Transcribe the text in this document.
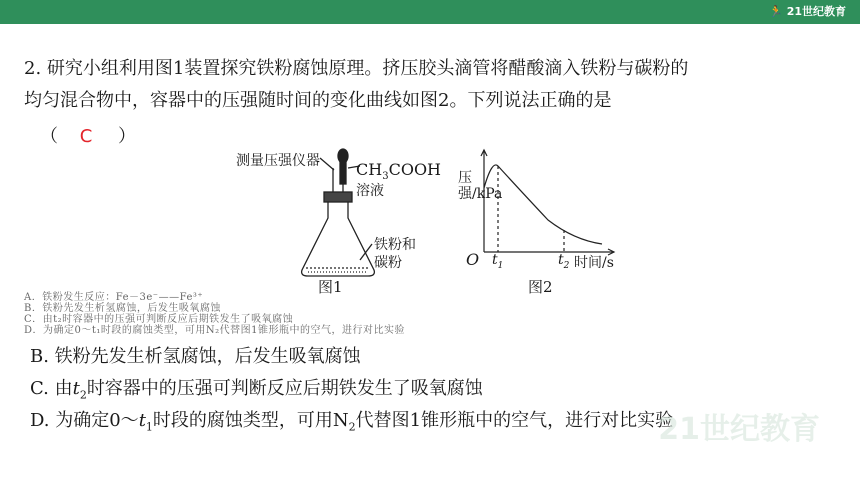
🏃 21世纪教育
2. 研究小组利用图1装置探究铁粉腐蚀原理。挤压胶头滴管将醋酸滴入铁粉与碳粉的
均匀混合物中，容器中的压强随时间的变化曲线如图2。下列说法正确的是
（ C ）
测量压强仪器 $CH_3COOH$
溶液
铁粉和
碳粉
图1
压强/kPa
O $t_1$	$t_2$ 时间/s
图2
A．铁粉发生反应：Fe－3e⁻——Fe³⁺
B．铁粉先发生析氢腐蚀，后发生吸氧腐蚀
C．由t₂时容器中的压强可判断反应后期铁发生了吸氧腐蚀
D．为确定0～t₁时段的腐蚀类型，可用N₂代替图1锥形瓶中的空气，进行对比实验
B. 铁粉先发生析氢腐蚀，后发生吸氧腐蚀
C. 由$t_2$时容器中的压强可判断反应后期铁发生了吸氧腐蚀
D. 为确定$0\sim t_1$时段的腐蚀类型，可用$N_2$代替图1锥形瓶中的空气，进行对比实验
21世纪教育
